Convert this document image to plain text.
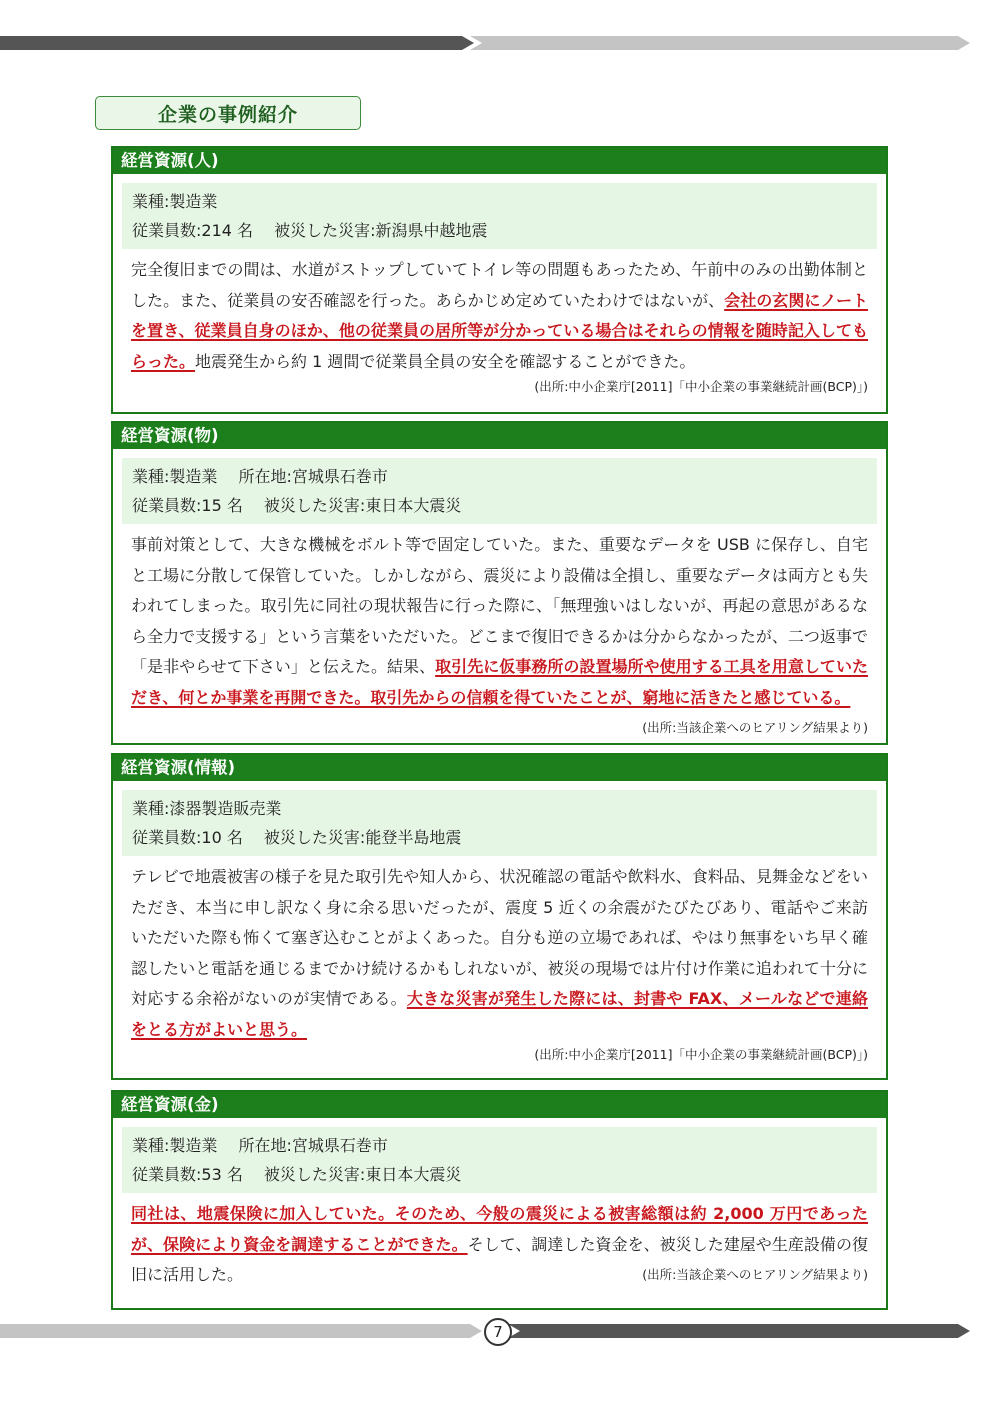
企業の事例紹介
経営資源(人)
業種:製造業
従業員数:214 名　 被災した災害:新潟県中越地震
完全復旧までの間は、水道がストップしていてトイレ等の問題もあったため、午前中のみの出勤体制とした。また、従業員の安否確認を行った。あらかじめ定めていたわけではないが、会社の玄関にノートを置き、従業員自身のほか、他の従業員の居所等が分かっている場合はそれらの情報を随時記入してもらった。地震発生から約 1 週間で従業員全員の安全を確認することができた。
(出所:中小企業庁[2011]「中小企業の事業継続計画(BCP)」)
経営資源(物)
業種:製造業　 所在地:宮城県石巻市
従業員数:15 名　 被災した災害:東日本大震災
事前対策として、大きな機械をボルト等で固定していた。また、重要なデータを USB に保存し、自宅と工場に分散して保管していた。しかしながら、震災により設備は全損し、重要なデータは両方とも失われてしまった。取引先に同社の現状報告に行った際に、「無理強いはしないが、再起の意思があるなら全力で支援する」という言葉をいただいた。どこまで復旧できるかは分からなかったが、二つ返事で「是非やらせて下さい」と伝えた。結果、取引先に仮事務所の設置場所や使用する工具を用意していただき、何とか事業を再開できた。取引先からの信頼を得ていたことが、窮地に活きたと感じている。
(出所:当該企業へのヒアリング結果より)
経営資源(情報)
業種:漆器製造販売業
従業員数:10 名　 被災した災害:能登半島地震
テレビで地震被害の様子を見た取引先や知人から、状況確認の電話や飲料水、食料品、見舞金などをいただき、本当に申し訳なく身に余る思いだったが、震度 5 近くの余震がたびたびあり、電話やご来訪いただいた際も怖くて塞ぎ込むことがよくあった。自分も逆の立場であれば、やはり無事をいち早く確認したいと電話を通じるまでかけ続けるかもしれないが、被災の現場では片付け作業に追われて十分に対応する余裕がないのが実情である。大きな災害が発生した際には、封書や FAX、メールなどで連絡をとる方がよいと思う。
(出所:中小企業庁[2011]「中小企業の事業継続計画(BCP)」)
経営資源(金)
業種:製造業　 所在地:宮城県石巻市
従業員数:53 名　 被災した災害:東日本大震災
同社は、地震保険に加入していた。そのため、今般の震災による被害総額は約 2,000 万円であったが、保険により資金を調達することができた。そして、調達した資金を、被災した建屋や生産設備の復旧に活用した。	(出所:当該企業へのヒアリング結果より)
7
